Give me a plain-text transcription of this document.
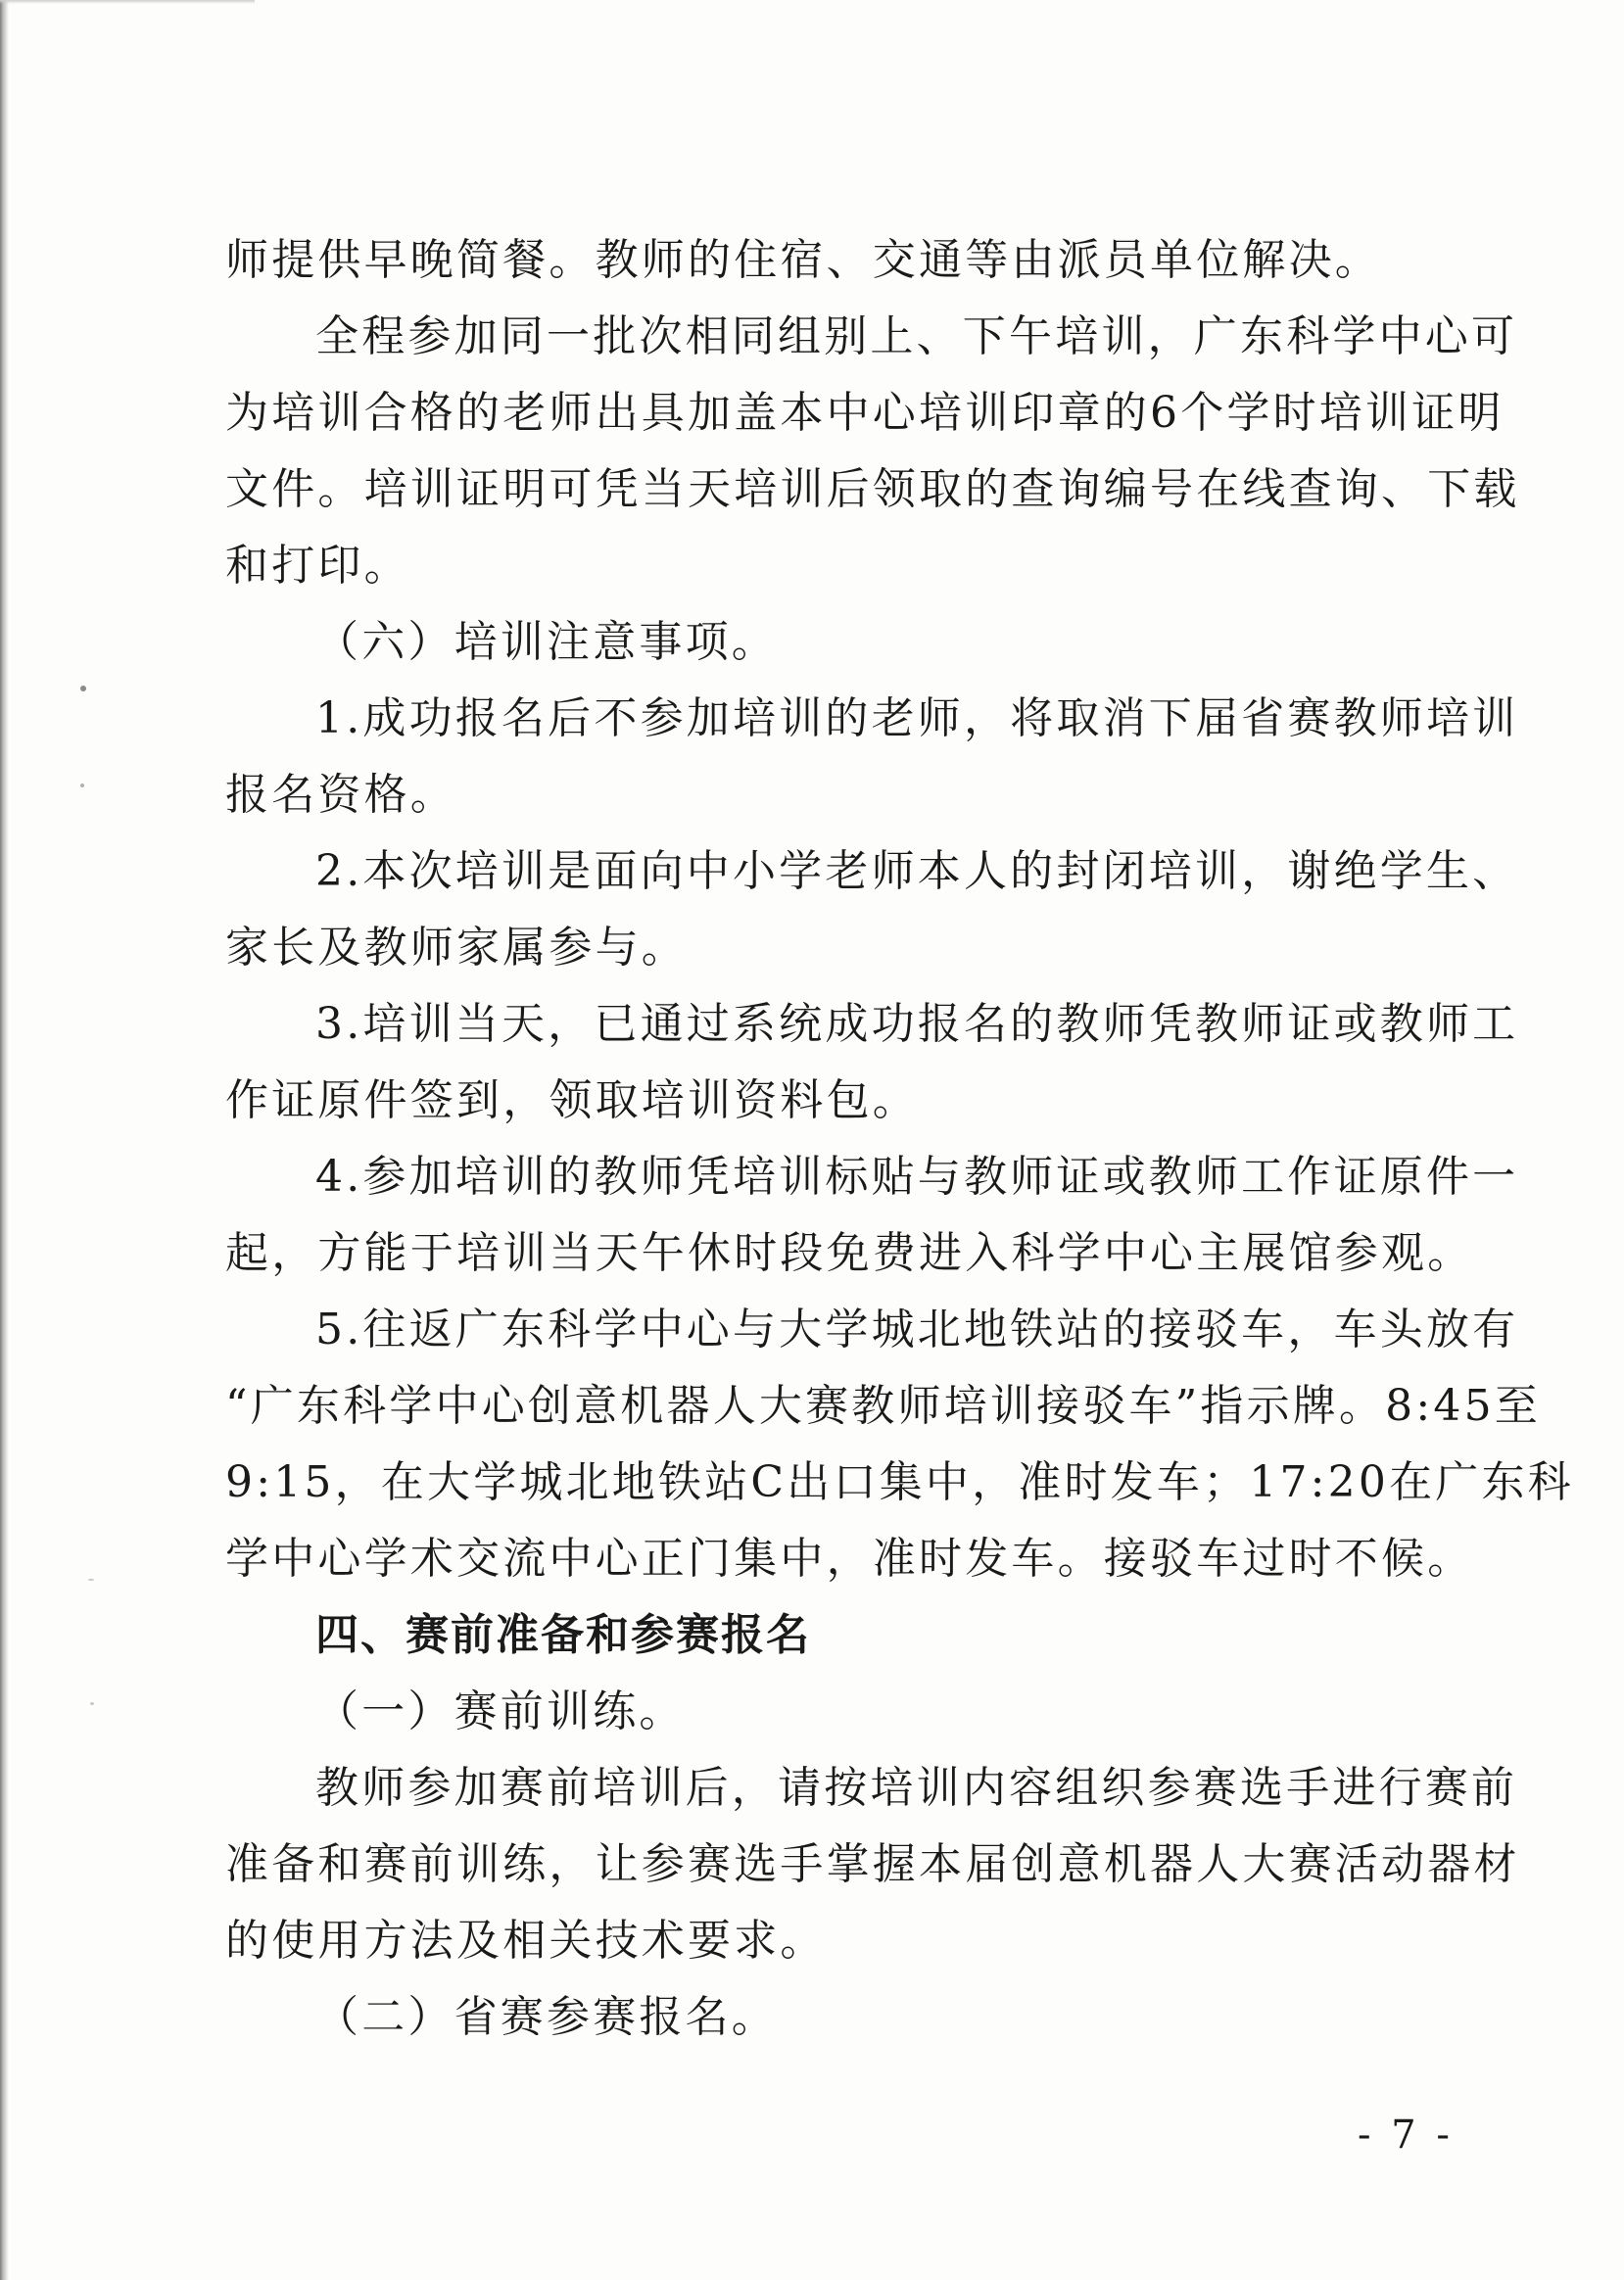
师提供早晚简餐。教师的住宿、交通等由派员单位解决。
全程参加同一批次相同组别上、下午培训，广东科学中心可
为培训合格的老师出具加盖本中心培训印章的6个学时培训证明
文件。培训证明可凭当天培训后领取的查询编号在线查询、下载
和打印。
（六）培训注意事项。
1.成功报名后不参加培训的老师，将取消下届省赛教师培训
报名资格。
2.本次培训是面向中小学老师本人的封闭培训，谢绝学生、
家长及教师家属参与。
3.培训当天，已通过系统成功报名的教师凭教师证或教师工
作证原件签到，领取培训资料包。
4.参加培训的教师凭培训标贴与教师证或教师工作证原件一
起，方能于培训当天午休时段免费进入科学中心主展馆参观。
5.往返广东科学中心与大学城北地铁站的接驳车，车头放有
“广东科学中心创意机器人大赛教师培训接驳车”指示牌。8:45至
9:15，在大学城北地铁站C出口集中，准时发车；17:20在广东科
学中心学术交流中心正门集中，准时发车。接驳车过时不候。
四、赛前准备和参赛报名
（一）赛前训练。
教师参加赛前培训后，请按培训内容组织参赛选手进行赛前
准备和赛前训练，让参赛选手掌握本届创意机器人大赛活动器材
的使用方法及相关技术要求。
（二）省赛参赛报名。
- 7 -
